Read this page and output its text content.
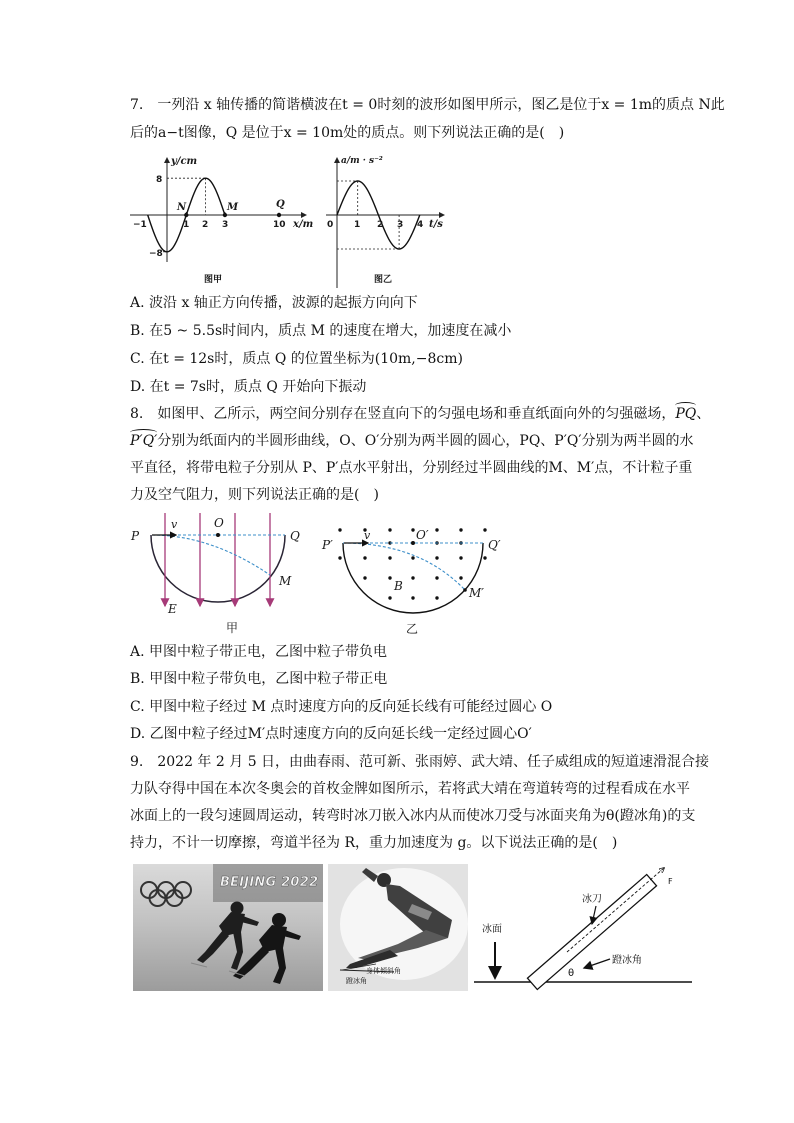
7.　一列沿 x 轴传播的简谐横波在t = 0时刻的波形如图甲所示，图乙是位于x = 1m的质点 N此
后的a−t图像，Q 是位于x = 10m处的质点。则下列说法正确的是(　)
y/cm
8
−8
−1	1 2 3	10
N	M	Q
x/m
图甲
a/m · s⁻²
0 1 2 3 4 t/s
图乙
A. 波沿 x 轴正方向传播，波源的起振方向向下
B. 在5 ~ 5.5s时间内，质点 M 的速度在增大，加速度在减小
C. 在t = 12s时，质点 Q 的位置坐标为(10m,−8cm)
D. 在t = 7s时，质点 Q 开始向下振动
8.　如图甲、乙所示，两空间分别存在竖直向下的匀强电场和垂直纸面向外的匀强磁场，PQ、
P′Q′分别为纸面内的半圆形曲线，O、O′分别为两半圆的圆心，PQ、P′Q′分别为两半圆的水
平直径，将带电粒子分别从 P、P′点水平射出，分别经过半圆曲线的M、M′点，不计粒子重
力及空气阻力，则下列说法正确的是(　)
P
v	O
Q
M
E
甲
P′
v	O′
Q′
B	M′
乙
A. 甲图中粒子带正电，乙图中粒子带负电
B. 甲图中粒子带负电，乙图中粒子带正电
C. 甲图中粒子经过 M 点时速度方向的反向延长线有可能经过圆心 O
D. 乙图中粒子经过M′点时速度方向的反向延长线一定经过圆心O′
9.　2022 年 2 月 5 日，由曲春雨、范可新、张雨婷、武大靖、任子威组成的短道速滑混合接
力队夺得中国在本次冬奥会的首枚金牌如图所示，若将武大靖在弯道转弯的过程看成在水平
冰面上的一段匀速圆周运动，转弯时冰刀嵌入冰内从而使冰刀受与冰面夹角为θ(蹬冰角)的支
持力，不计一切摩擦，弯道半径为 R，重力加速度为 g。以下说法正确的是(　)
BEIJING 2022
身体倾斜角
蹬冰角
冰面
F
冰刀
θ
蹬冰角
